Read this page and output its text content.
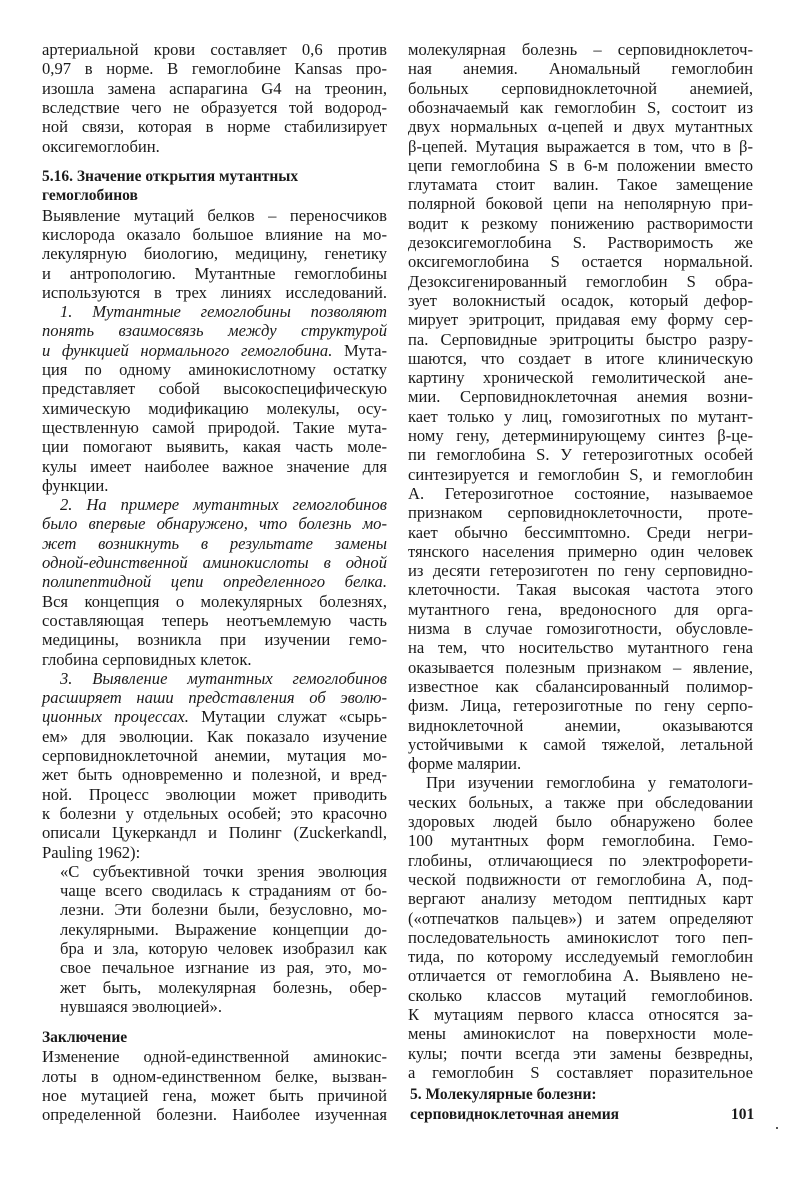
артериальной крови составляет 0,6 против
0,97 в норме. В гемоглобине Kansas про-
изошла замена аспарагина G4 на треонин,
вследствие чего не образуется той водород-
ной связи, которая в норме стабилизирует
оксигемоглобин.
5.16. Значение открытия мутантных
гемоглобинов
Выявление мутаций белков – переносчиков
кислорода оказало большое влияние на мо-
лекулярную биологию, медицину, генетику
и антропологию. Мутантные гемоглобины
используются в трех линиях исследований.
1. Мутантные гемоглобины позволяют
понять взаимосвязь между структурой
и функцией нормального гемоглобина. Мута-
ция по одному аминокислотному остатку
представляет собой высокоспецифическую
химическую модификацию молекулы, осу-
ществленную самой природой. Такие мута-
ции помогают выявить, какая часть моле-
кулы имеет наиболее важное значение для
функции.
2. На примере мутантных гемоглобинов
было впервые обнаружено, что болезнь мо-
жет возникнуть в результате замены
одной-единственной аминокислоты в одной
полипептидной цепи определенного белка.
Вся концепция о молекулярных болезнях,
составляющая теперь неотъемлемую часть
медицины, возникла при изучении гемо-
глобина серповидных клеток.
3. Выявление мутантных гемоглобинов
расширяет наши представления об эволю-
ционных процессах. Мутации служат «сырь-
ем» для эволюции. Как показало изучение
серповидноклеточной анемии, мутация мо-
жет быть одновременно и полезной, и вред-
ной. Процесс эволюции может приводить
к болезни у отдельных особей; это красочно
описали Цукеркандл и Полинг (Zuckerkandl,
Pauling 1962):
«С субъективной точки зрения эволюция
чаще всего сводилась к страданиям от бо-
лезни. Эти болезни были, безусловно, мо-
лекулярными. Выражение концепции до-
бра и зла, которую человек изобразил как
свое печальное изгнание из рая, это, мо-
жет быть, молекулярная болезнь, обер-
нувшаяся эволюцией».
Заключение
Изменение одной-единственной аминокис-
лоты в одном-единственном белке, вызван-
ное мутацией гена, может быть причиной
определенной болезни. Наиболее изученная
молекулярная болезнь – серповидноклеточ-
ная анемия. Аномальный гемоглобин
больных серповидноклеточной анемией,
обозначаемый как гемоглобин S, состоит из
двух нормальных α-цепей и двух мутантных
β-цепей. Мутация выражается в том, что в β-
цепи гемоглобина S в 6-м положении вместо
глутамата стоит валин. Такое замещение
полярной боковой цепи на неполярную при-
водит к резкому понижению растворимости
дезоксигемоглобина S. Растворимость же
оксигемоглобина S остается нормальной.
Дезоксигенированный гемоглобин S обра-
зует волокнистый осадок, который дефор-
мирует эритроцит, придавая ему форму сер-
па. Серповидные эритроциты быстро разру-
шаются, что создает в итоге клиническую
картину хронической гемолитической ане-
мии. Серповидноклеточная анемия возни-
кает только у лиц, гомозиготных по мутант-
ному гену, детерминирующему синтез β-це-
пи гемоглобина S. У гетерозиготных особей
синтезируется и гемоглобин S, и гемоглобин
А. Гетерозиготное состояние, называемое
признаком серповидноклеточности, проте-
кает обычно бессимптомно. Среди негри-
тянского населения примерно один человек
из десяти гетерозиготен по гену серповидно-
клеточности. Такая высокая частота этого
мутантного гена, вредоносного для орга-
низма в случае гомозиготности, обусловле-
на тем, что носительство мутантного гена
оказывается полезным признаком – явление,
известное как сбалансированный полимор-
физм. Лица, гетерозиготные по гену серпо-
видноклеточной анемии, оказываются
устойчивыми к самой тяжелой, летальной
форме малярии.
При изучении гемоглобина у гематологи-
ческих больных, а также при обследовании
здоровых людей было обнаружено более
100 мутантных форм гемоглобина. Гемо-
глобины, отличающиеся по электрофорети-
ческой подвижности от гемоглобина А, под-
вергают анализу методом пептидных карт
(«отпечатков пальцев») и затем определяют
последовательность аминокислот того пеп-
тида, по которому исследуемый гемоглобин
отличается от гемоглобина А. Выявлено не-
сколько классов мутаций гемоглобинов.
К мутациям первого класса относятся за-
мены аминокислот на поверхности моле-
кулы; почти всегда эти замены безвредны,
а гемоглобин S составляет поразительное
5. Молекулярные болезни:
серповидноклеточная анемия	101
